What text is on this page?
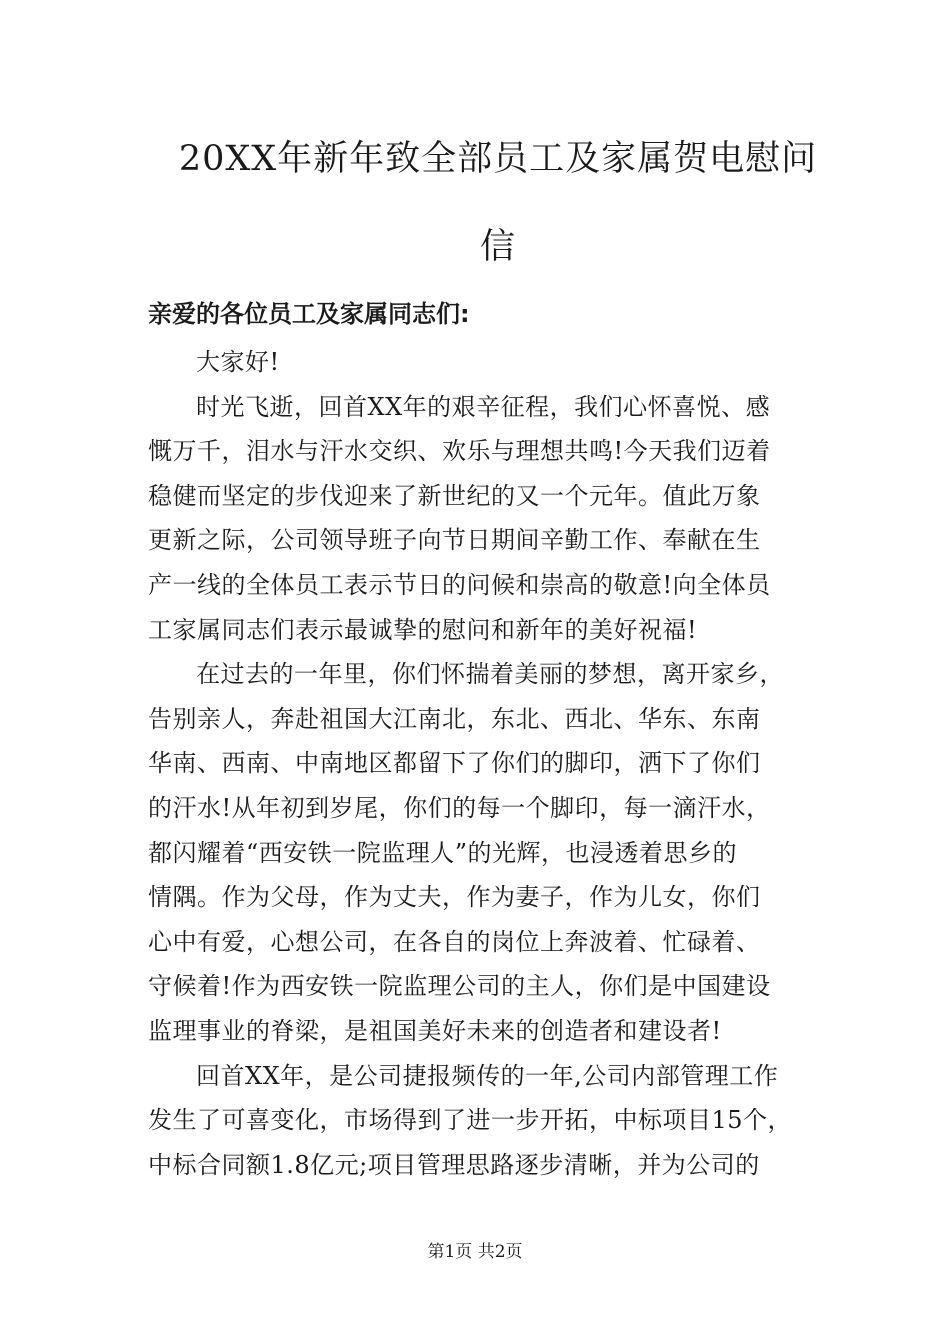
20XX年新年致全部员工及家属贺电慰问
信
亲爱的各位员工及家属同志们:
大家好!
时光飞逝，回首XX年的艰辛征程，我们心怀喜悦、感
慨万千，泪水与汗水交织、欢乐与理想共鸣!今天我们迈着
稳健而坚定的步伐迎来了新世纪的又一个元年。值此万象
更新之际，公司领导班子向节日期间辛勤工作、奉献在生
产一线的全体员工表示节日的问候和崇高的敬意!向全体员
工家属同志们表示最诚挚的慰问和新年的美好祝福!
在过去的一年里，你们怀揣着美丽的梦想，离开家乡，
告别亲人，奔赴祖国大江南北，东北、西北、华东、东南
华南、西南、中南地区都留下了你们的脚印，洒下了你们
的汗水!从年初到岁尾，你们的每一个脚印，每一滴汗水，
都闪耀着“西安铁一院监理人”的光辉，也浸透着思乡的
情隅。作为父母，作为丈夫，作为妻子，作为儿女，你们
心中有爱，心想公司，在各自的岗位上奔波着、忙碌着、
守候着!作为西安铁一院监理公司的主人，你们是中国建设
监理事业的脊梁，是祖国美好未来的创造者和建设者!
回首XX年，是公司捷报频传的一年,公司内部管理工作
发生了可喜变化，市场得到了进一步开拓，中标项目15个，
中标合同额1.8亿元;项目管理思路逐步清晰，并为公司的
第1页 共2页
